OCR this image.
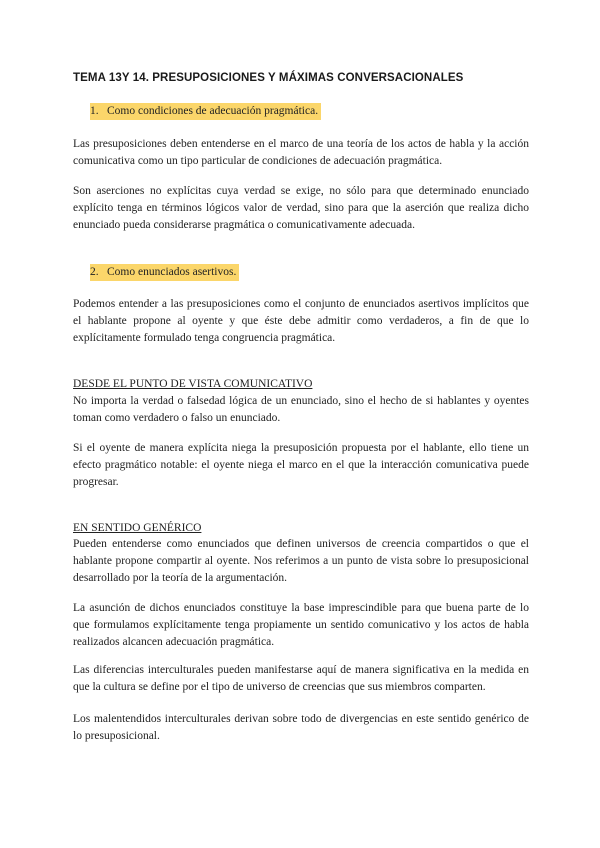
TEMA 13Y 14. PRESUPOSICIONES Y MÁXIMAS CONVERSACIONALES
1. Como condiciones de adecuación pragmática.
Las presuposiciones deben entenderse en el marco de una teoría de los actos de habla y la acción comunicativa como un tipo particular de condiciones de adecuación pragmática.
Son aserciones no explícitas cuya verdad se exige, no sólo para que determinado enunciado explícito tenga en términos lógicos valor de verdad, sino para que la aserción que realiza dicho enunciado pueda considerarse pragmática o comunicativamente adecuada.
2. Como enunciados asertivos.
Podemos entender a las presuposiciones como el conjunto de enunciados asertivos implícitos que el hablante propone al oyente y que éste debe admitir como verdaderos, a fin de que lo explícitamente formulado tenga congruencia pragmática.
DESDE EL PUNTO DE VISTA COMUNICATIVO
No importa la verdad o falsedad lógica de un enunciado, sino el hecho de si hablantes y oyentes toman como verdadero o falso un enunciado.
Si el oyente de manera explícita niega la presuposición propuesta por el hablante, ello tiene un efecto pragmático notable: el oyente niega el marco en el que la interacción comunicativa puede progresar.
EN SENTIDO GENÉRICO
Pueden entenderse como enunciados que definen universos de creencia compartidos o que el hablante propone compartir al oyente. Nos referimos a un punto de vista sobre lo presuposicional desarrollado por la teoría de la argumentación.
La asunción de dichos enunciados constituye la base imprescindible para que buena parte de lo que formulamos explícitamente tenga propiamente un sentido comunicativo y los actos de habla realizados alcancen adecuación pragmática.
Las diferencias interculturales pueden manifestarse aquí de manera significativa en la medida en que la cultura se define por el tipo de universo de creencias que sus miembros comparten.
Los malentendidos interculturales derivan sobre todo de divergencias en este sentido genérico de lo presuposicional.
